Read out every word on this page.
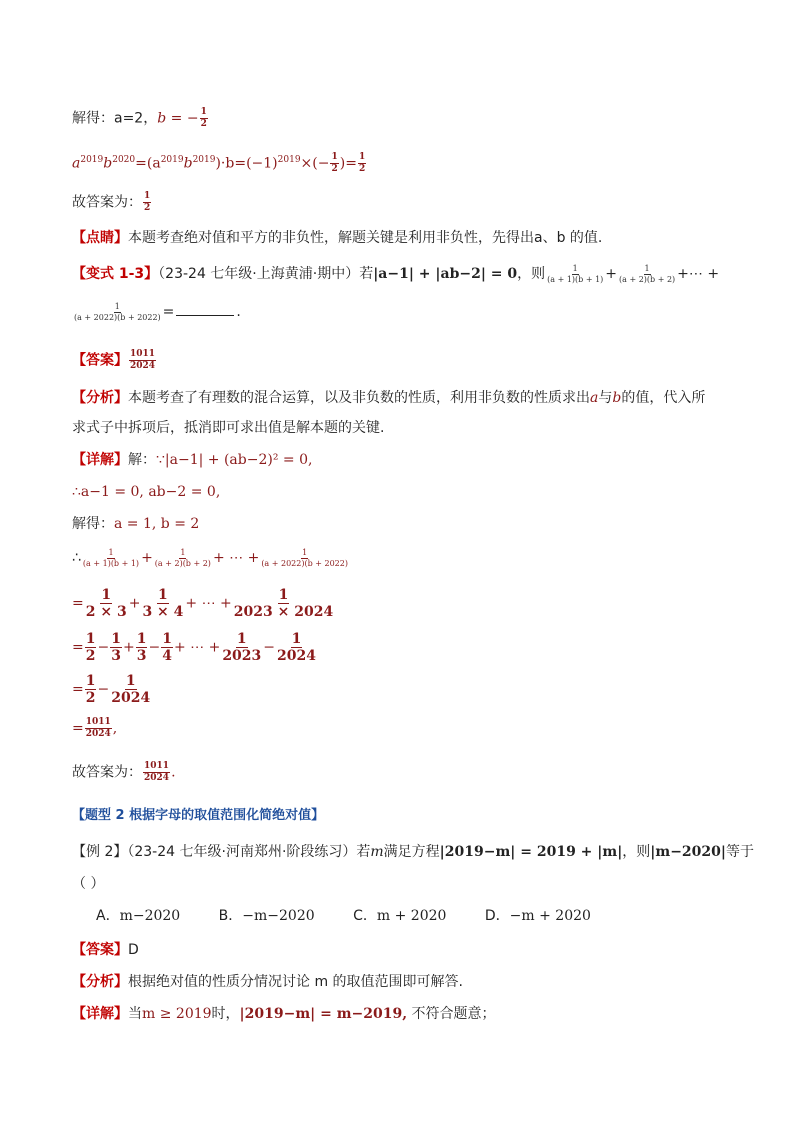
解得：a=2，b = − $\frac{1}{2}$
$a^{2019}b^{2020}=(a^{2019}b^{2019})\cdot b=(-1)^{2019}\times(- \frac{1}{2}$ )= $\frac{1}{2}$
故答案为： $\frac{1}{2}$
【点睛】本题考查绝对值和平方的非负性，解题关键是利用非负性，先得出a、b 的值.
【变式 1-3】（23-24 七年级·上海黄浦·期中）若|a−1| + |ab−2| = 0，则 $\frac{1}{(a + 1)(b + 1)} + \frac{1}{(a + 2)(b + 2)}$ +⋯ +
$\frac{1}{(a + 2022)(b + 2022)}$ =	.
【答案】 $\frac{1011}{2024}$
【分析】本题考查了有理数的混合运算，以及非负数的性质，利用非负数的性质求出a与b的值，代入所
求式子中拆项后，抵消即可求出值是解本题的关键.
【详解】解：∵|a−1| + (ab−2)² = 0,
∴a−1 = 0, ab−2 = 0,
解得：a = 1, b = 2
∴ $\frac{1}{(a + 1)(b + 1)} + \frac{1}{(a + 2)(b + 2)}$ + ⋯ + $\frac{1}{(a + 2022)(b + 2022)}$
= $\frac{1}{2 \times 3} + \frac{1}{3 \times 4}$ + ⋯ + $\frac{1}{2023 \times 2024}$
= $\frac{1}{2} - \frac{1}{3} + \frac{1}{3} - \frac{1}{4}$ + ⋯ + $\frac{1}{2023} - \frac{1}{2024}$
= $\frac{1}{2} - \frac{1}{2024}$
= $\frac{1011}{2024}$ ,
故答案为： $\frac{1011}{2024}$ .
【题型 2 根据字母的取值范围化简绝对值】
【例 2】（23-24 七年级·河南郑州·阶段练习）若m满足方程|2019−m| = 2019 + |m|，则|m−2020|等于
（ ）
A．m−2020	B．−m−2020	C．m + 2020	D．−m + 2020
【答案】D
【分析】根据绝对值的性质分情况讨论 m 的取值范围即可解答.
【详解】当m ≥ 2019时，|2019−m| = m−2019, 不符合题意；
